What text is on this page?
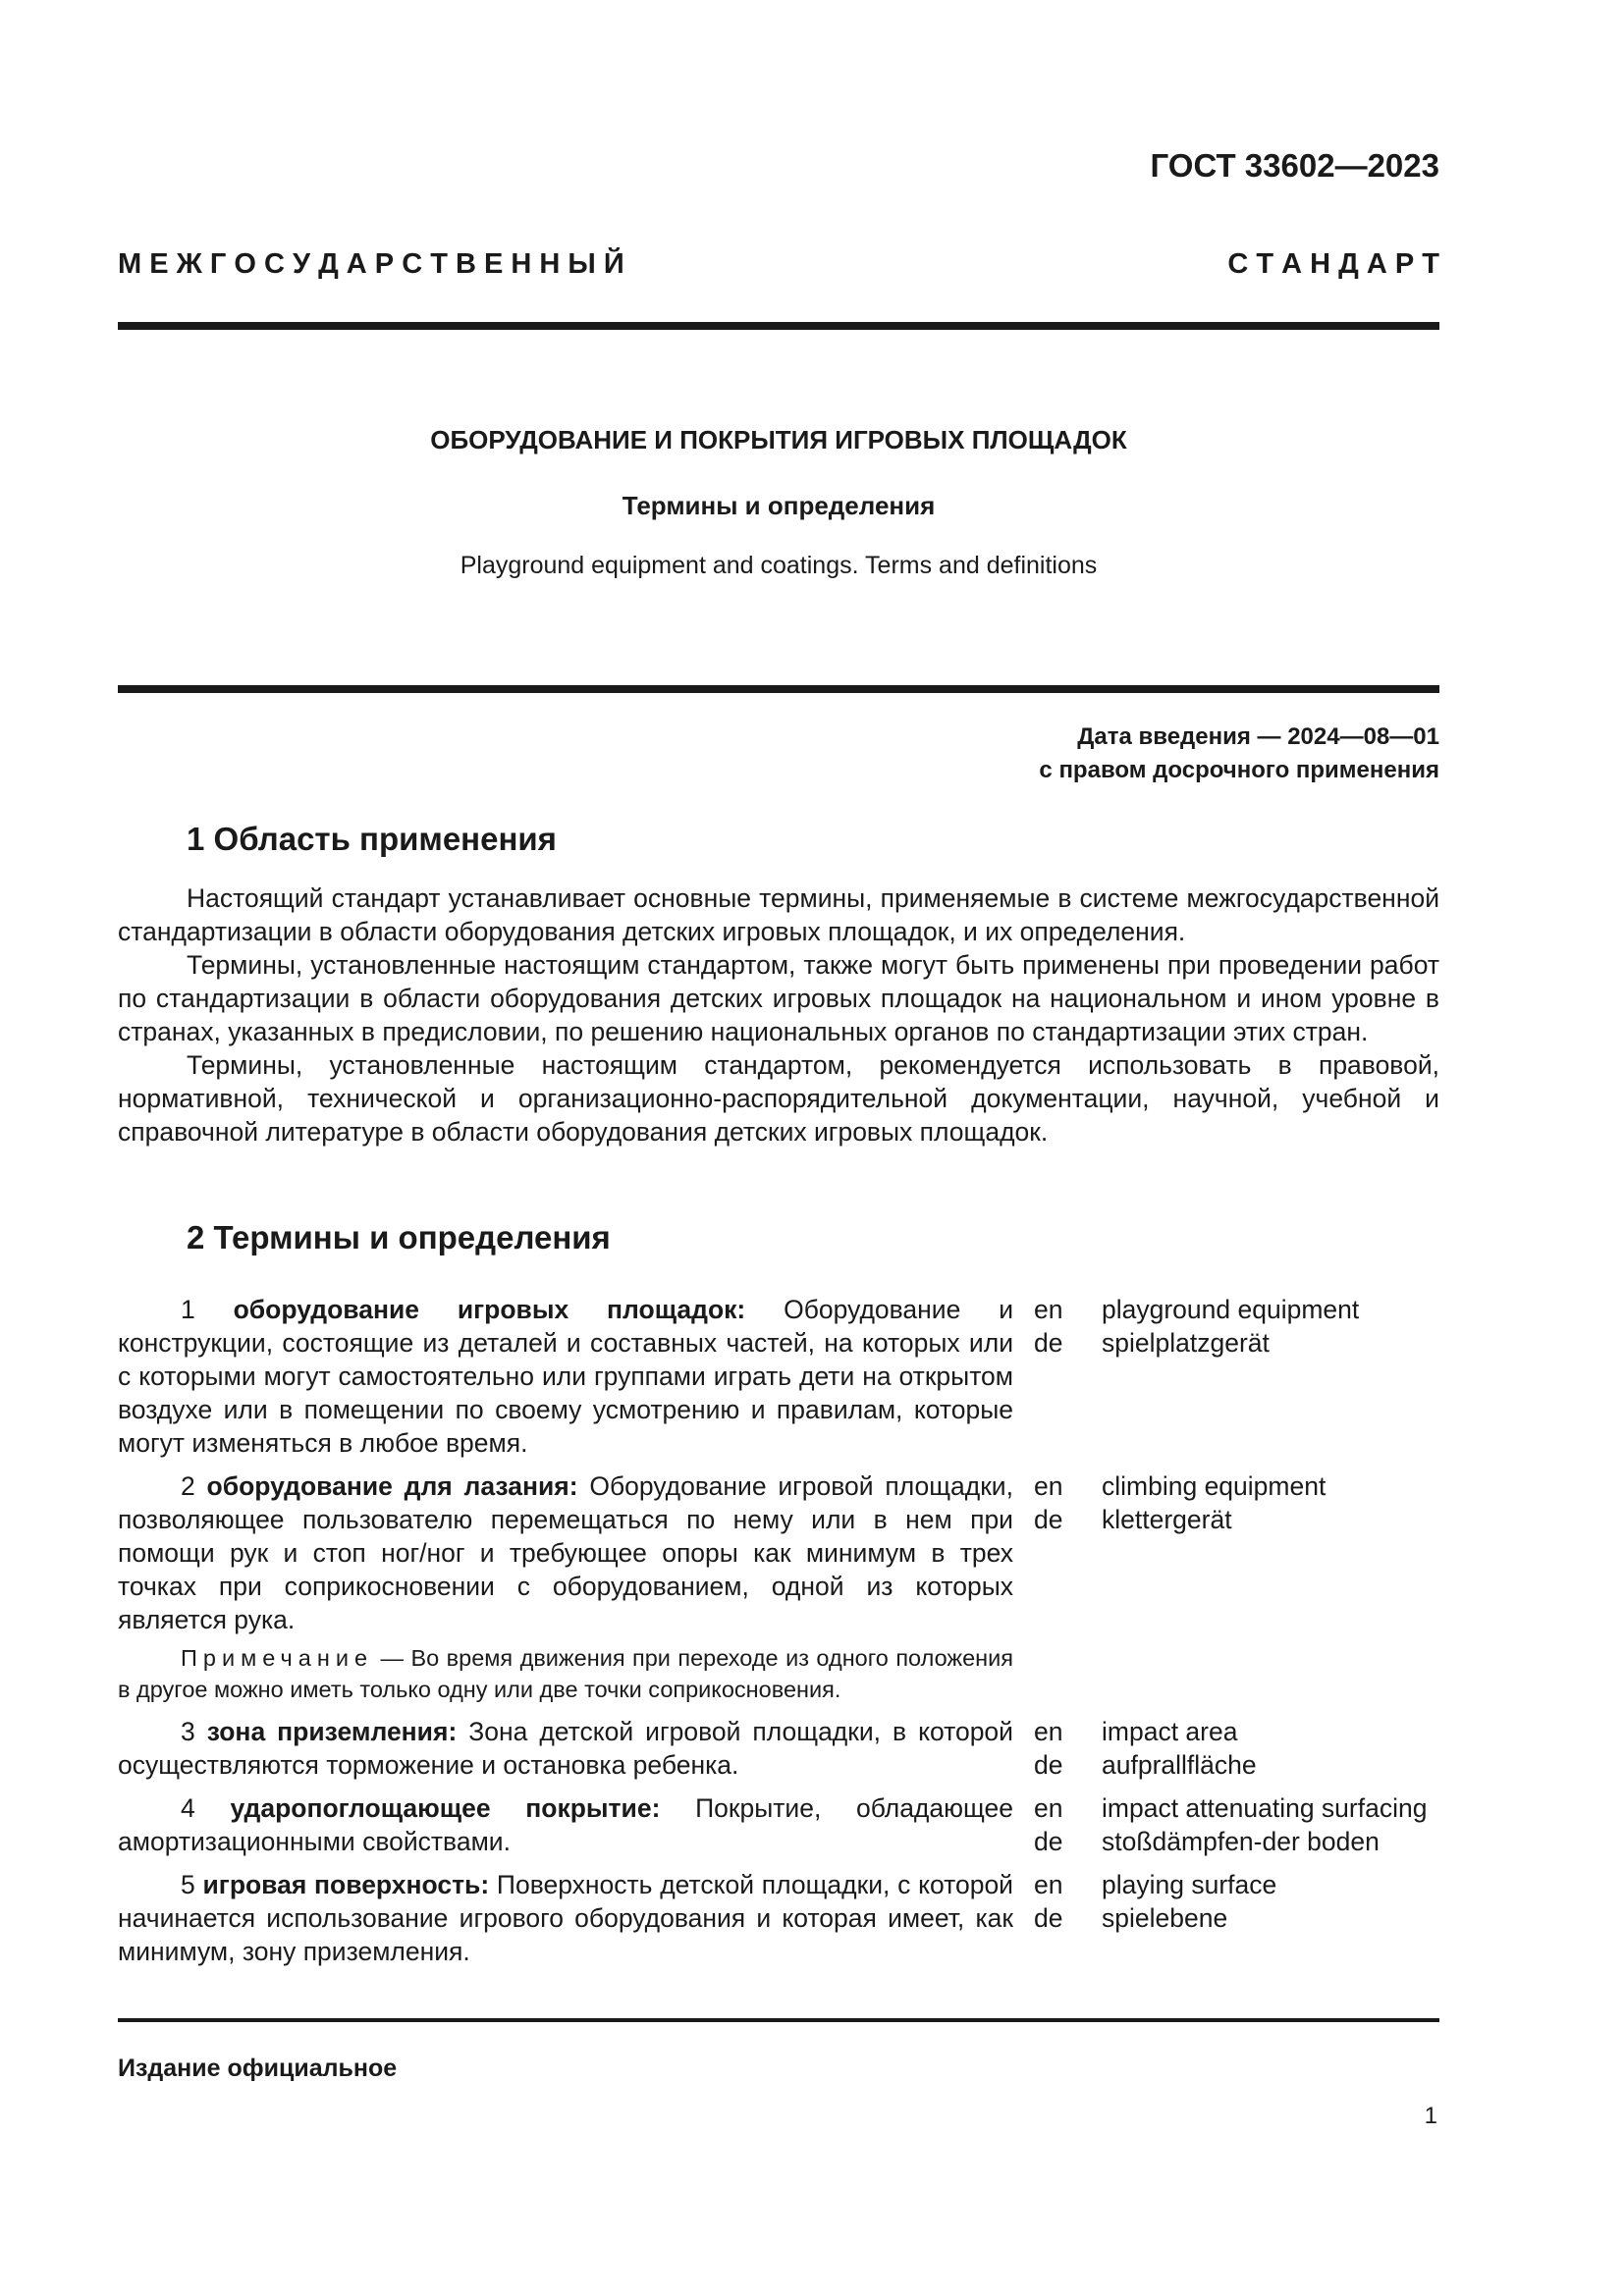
ГОСТ 33602—2023
М Е Ж Г О С У Д А Р С Т В Е Н Н Ы Й	С Т А Н Д А Р Т
ОБОРУДОВАНИЕ И ПОКРЫТИЯ ИГРОВЫХ ПЛОЩАДОК
Термины и определения
Playground equipment and coatings. Terms and definitions
Дата введения — 2024—08—01
с правом досрочного применения
1 Область применения

Настоящий стандарт устанавливает основные термины, применяемые в системе межгосударственной стандартизации в области оборудования детских игровых площадок, и их определения.

Термины, установленные настоящим стандартом, также могут быть применены при проведении работ по стандартизации в области оборудования детских игровых площадок на национальном и ином уровне в странах, указанных в предисловии, по решению национальных органов по стандартизации этих стран.

Термины, установленные настоящим стандартом, рекомендуется использовать в правовой, нормативной, технической и организационно-распорядительной документации, научной, учебной и справочной литературе в области оборудования детских игровых площадок.

2 Термины и определения
1 оборудование игровых площадок: Оборудование и конструкции, состоящие из деталей и составных частей, на которых или с которыми могут самостоятельно или группами играть дети на открытом воздухе или в помещении по своему усмотрению и правилам, которые могут изменяться в любое время.
en
de
playground equipment
spielplatzgerät
2 оборудование для лазания: Оборудование игровой площадки, позволяющее пользователю перемещаться по нему или в нем при помощи рук и стоп ног/ног и требующее опоры как минимум в трех точках при соприкосновении с оборудованием, одной из которых является рука.
en
de
climbing equipment
klettergerät
Примечание — Во время движения при переходе из одного положения в другое можно иметь только одну или две точки соприкосновения.
3 зона приземления: Зона детской игровой площадки, в которой осуществляются торможение и остановка ребенка.
en
de
impact area
aufprallfläche
4 ударопоглощающее покрытие: Покрытие, обладающее амортизационными свойствами.
en
de
impact attenuating surfacing
stoßdämpfen-der boden
5 игровая поверхность: Поверхность детской площадки, с которой начинается использование игрового оборудования и которая имеет, как минимум, зону приземления.
en
de
playing surface
spielebene
Издание официальное
1
